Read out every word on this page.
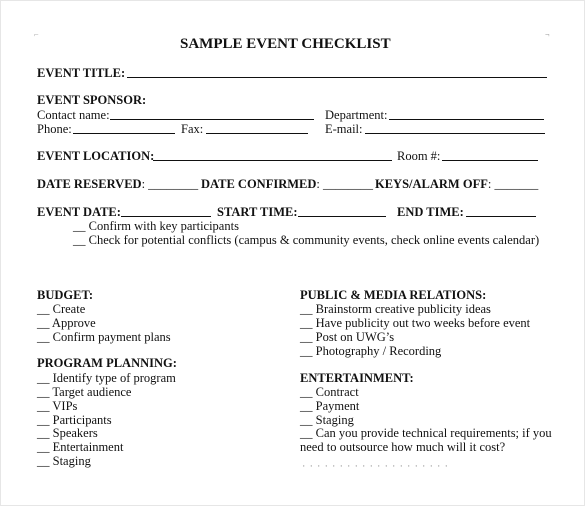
⌐	¬
SAMPLE EVENT CHECKLIST
EVENT TITLE:
EVENT SPONSOR:
Contact name:	Department:
Phone:	Fax:	E-mail:
EVENT LOCATION:	Room #:
DATE RESERVED: ________ DATE CONFIRMED: ________ KEYS/ALARM OFF: _______
EVENT DATE:	START TIME:	END TIME:
__ Confirm with key participants
__ Check for potential conflicts (campus & community events, check online events calendar)
BUDGET:
__ Create
__ Approve
__ Confirm payment plans
PROGRAM PLANNING:
__ Identify type of program
__ Target audience
__ VIPs
__ Participants
__ Speakers
__ Entertainment
__ Staging
PUBLIC & MEDIA RELATIONS:
__ Brainstorm creative publicity ideas
__ Have publicity out two weeks before event
__ Post on UWG’s
__ Photography / Recording
ENTERTAINMENT:
__ Contract
__ Payment
__ Staging
__ Can you provide technical requirements; if you
need to outsource how much will it cost?
·  ·  ·  ·  ·  ·  ·  ·  ·  ·  ·  ·  ·  ·  ·  ·  ·  ·  ·  ·
